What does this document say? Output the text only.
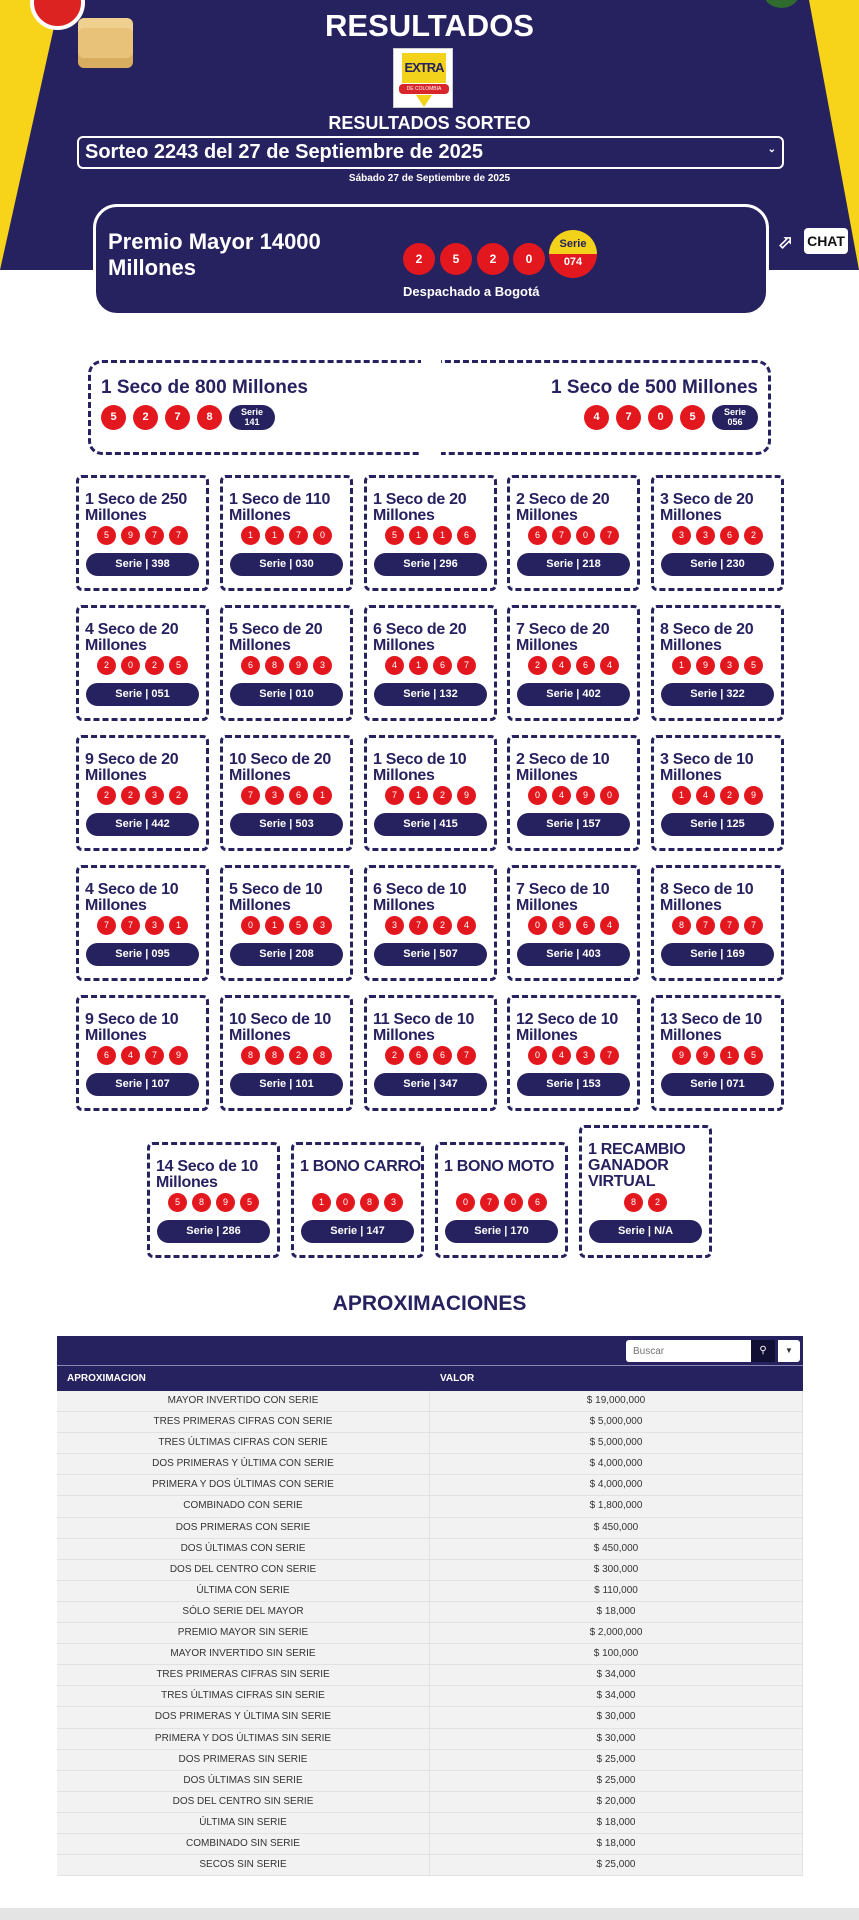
RESULTADOS
EXTRA
DE COLOMBIA
RESULTADOS SORTEO
Sorteo 2243 del 27 de Septiembre de 2025	⌄
Sábado 27 de Septiembre de 2025
Premio Mayor 14000 Millones	2	5	2	0
Serie
074
Despachado a Bogotá
⬀ CHAT
1 Seco de 800 Millones
5	2	7	8	Serie
141
1 Seco de 500 Millones
4	7	0	5	Serie
056
1 Seco de 250 Millones
5	9	7	7
Serie | 398
1 Seco de 110 Millones
1	1	7	0
Serie | 030
1 Seco de 20 Millones
5	1	1	6
Serie | 296
2 Seco de 20 Millones
6	7	0	7
Serie | 218
3 Seco de 20 Millones
3	3	6	2
Serie | 230
4 Seco de 20 Millones
2	0	2	5
Serie | 051
5 Seco de 20 Millones
6	8	9	3
Serie | 010
6 Seco de 20 Millones
4	1	6	7
Serie | 132
7 Seco de 20 Millones
2	4	6	4
Serie | 402
8 Seco de 20 Millones
1	9	3	5
Serie | 322
9 Seco de 20 Millones
2	2	3	2
Serie | 442
10 Seco de 20 Millones
7	3	6	1
Serie | 503
1 Seco de 10 Millones
7	1	2	9
Serie | 415
2 Seco de 10 Millones
0	4	9	0
Serie | 157
3 Seco de 10 Millones
1	4	2	9
Serie | 125
4 Seco de 10 Millones
7	7	3	1
Serie | 095
5 Seco de 10 Millones
0	1	5	3
Serie | 208
6 Seco de 10 Millones
3	7	2	4
Serie | 507
7 Seco de 10 Millones
0	8	6	4
Serie | 403
8 Seco de 10 Millones
8	7	7	7
Serie | 169
9 Seco de 10 Millones
6	4	7	9
Serie | 107
10 Seco de 10 Millones
8	8	2	8
Serie | 101
11 Seco de 10 Millones
2	6	6	7
Serie | 347
12 Seco de 10 Millones
0	4	3	7
Serie | 153
13 Seco de 10 Millones
9	9	1	5
Serie | 071
14 Seco de 10 Millones
5	8	9	5
Serie | 286
1 BONO CARRO
1	0	8	3
Serie | 147
1 BONO MOTO
0	7	0	6
Serie | 170
1 RECAMBIO GANADOR VIRTUAL
8	2
Serie | N/A
APROXIMACIONES
Buscar
⚲	▼
APROXIMACION	VALOR
MAYOR INVERTIDO CON SERIE	$ 19,000,000
TRES PRIMERAS CIFRAS CON SERIE	$ 5,000,000
TRES ÚLTIMAS CIFRAS CON SERIE	$ 5,000,000
DOS PRIMERAS Y ÚLTIMA CON SERIE	$ 4,000,000
PRIMERA Y DOS ÚLTIMAS CON SERIE	$ 4,000,000
COMBINADO CON SERIE	$ 1,800,000
DOS PRIMERAS CON SERIE	$ 450,000
DOS ÚLTIMAS CON SERIE	$ 450,000
DOS DEL CENTRO CON SERIE	$ 300,000
ÚLTIMA CON SERIE	$ 110,000
SÓLO SERIE DEL MAYOR	$ 18,000
PREMIO MAYOR SIN SERIE	$ 2,000,000
MAYOR INVERTIDO SIN SERIE	$ 100,000
TRES PRIMERAS CIFRAS SIN SERIE	$ 34,000
TRES ÚLTIMAS CIFRAS SIN SERIE	$ 34,000
DOS PRIMERAS Y ÚLTIMA SIN SERIE	$ 30,000
PRIMERA Y DOS ÚLTIMAS SIN SERIE	$ 30,000
DOS PRIMERAS SIN SERIE	$ 25,000
DOS ÚLTIMAS SIN SERIE	$ 25,000
DOS DEL CENTRO SIN SERIE	$ 20,000
ÚLTIMA SIN SERIE	$ 18,000
COMBINADO SIN SERIE	$ 18,000
SECOS SIN SERIE	$ 25,000
